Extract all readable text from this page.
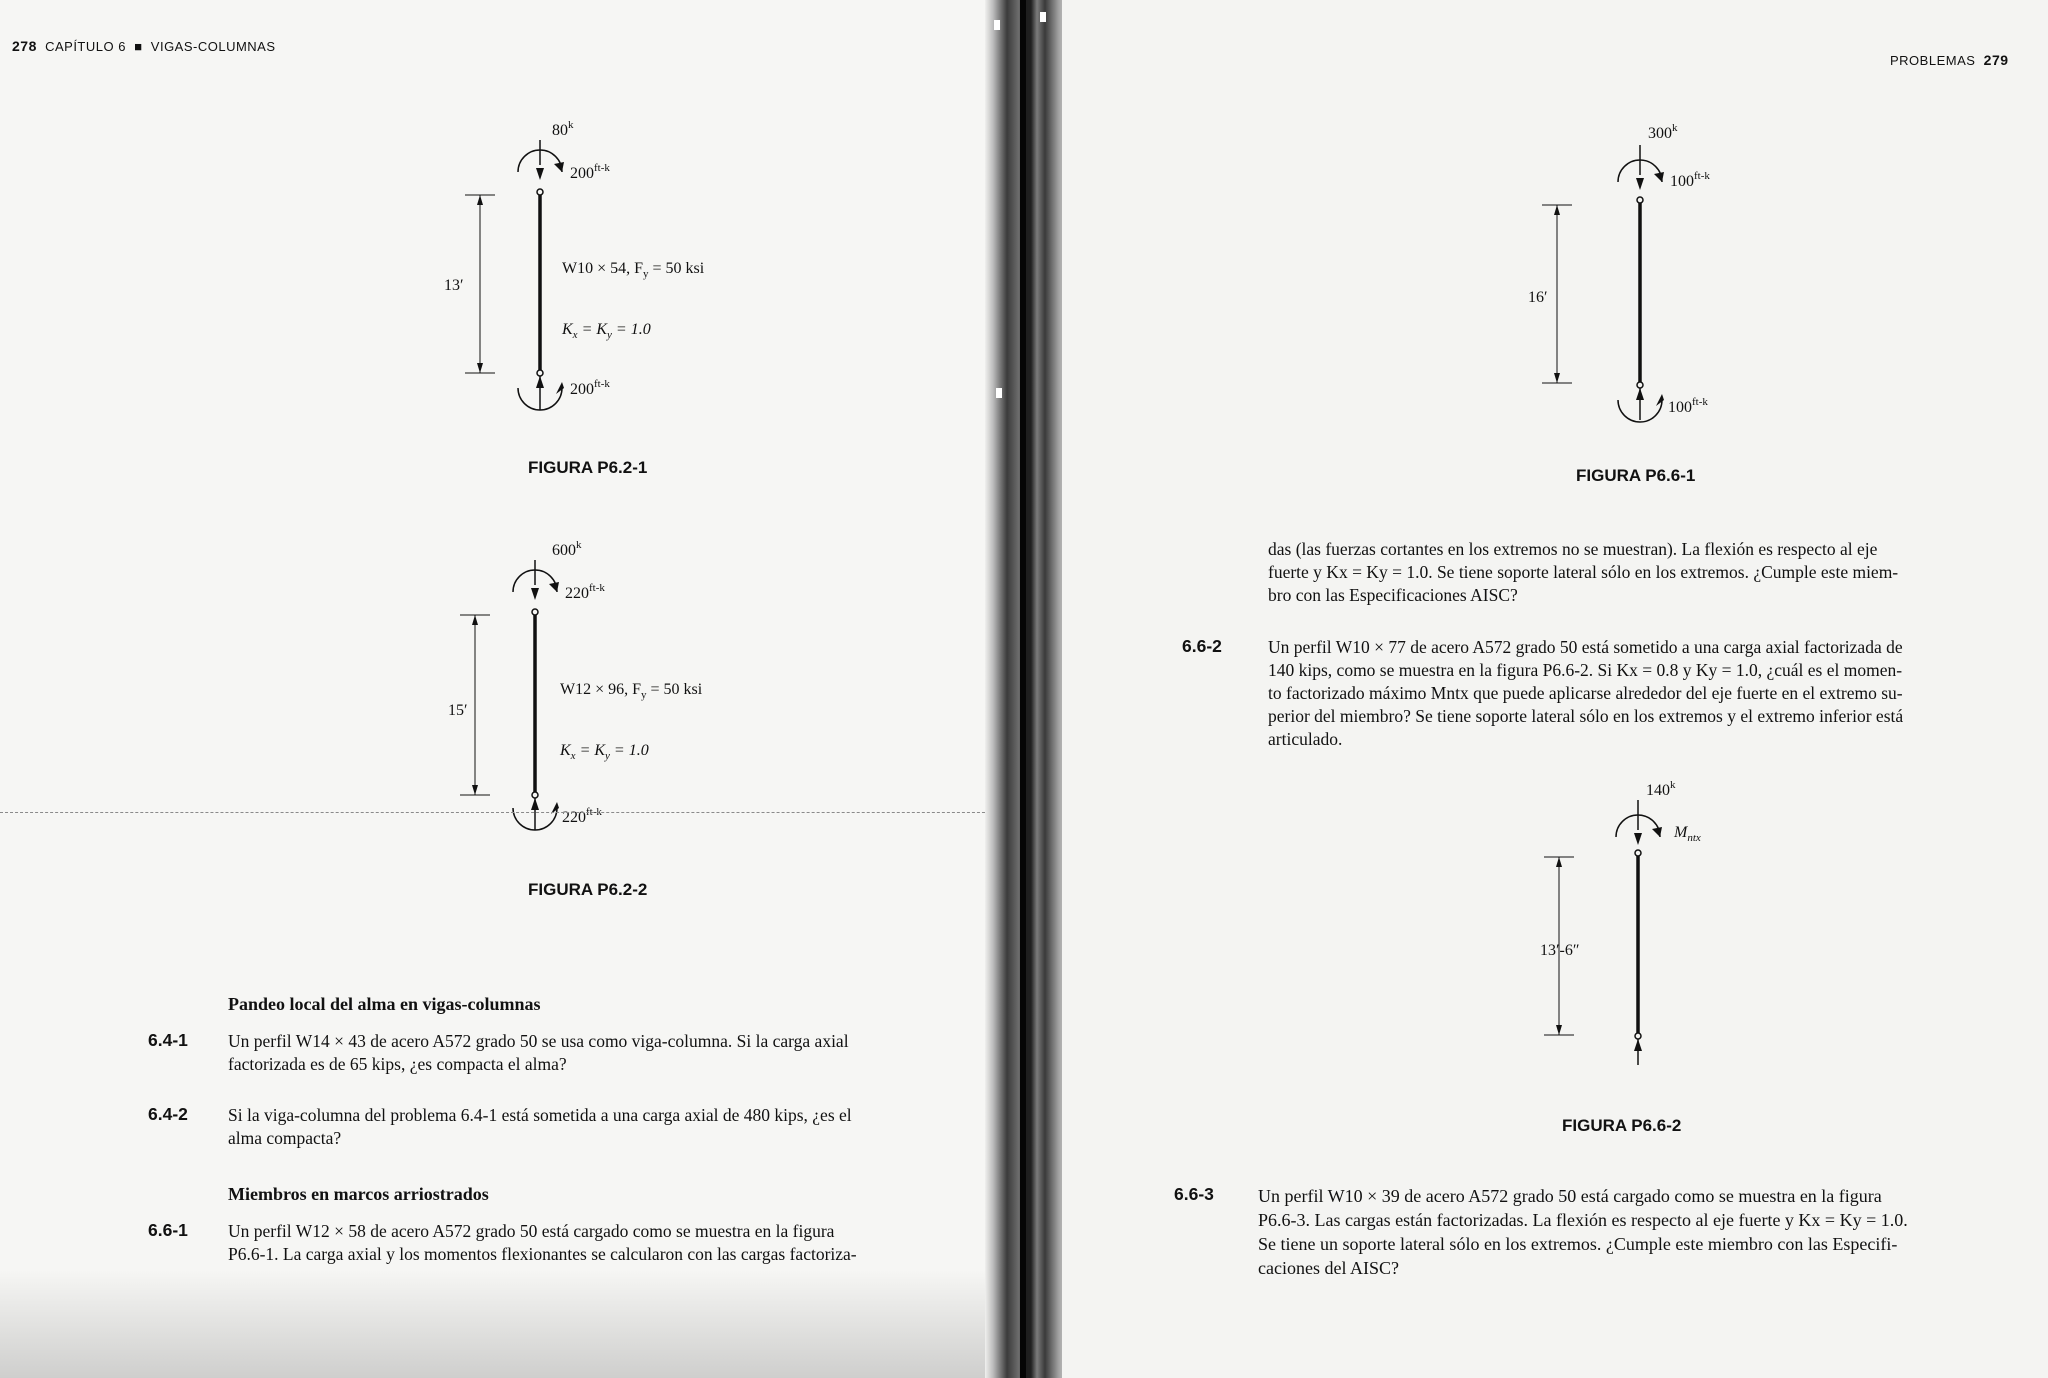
278 CAPÍTULO 6 ■ VIGAS-COLUMNAS
80$^k$
$200^{ft-k}$
$200^{ft-k}$
13′
W10 × 54, $F_y = 50$ ksi
$K_x = K_y = 1.0$
FIGURA P6.2-1
600$^k$
$220^{ft-k}$
$220^{ft-k}$
15′
W12 × 96, $F_y = 50$ ksi
$K_x = K_y = 1.0$
FIGURA P6.2-2
Pandeo local del alma en vigas-columnas
6.4-1 Un perfil W14 × 43 de acero A572 grado 50 se usa como viga-columna. Si la carga axial
factorizada es de 65 kips, ¿es compacta el alma?
6.4-2 Si la viga-columna del problema 6.4-1 está sometida a una carga axial de 480 kips, ¿es el
alma compacta?
Miembros en marcos arriostrados
6.6-1 Un perfil W12 × 58 de acero A572 grado 50 está cargado como se muestra en la figura
P6.6-1. La carga axial y los momentos flexionantes se calcularon con las cargas factoriza-
PROBLEMAS 279
300$^k$
$100^{ft-k}$
$100^{ft-k}$
16′
FIGURA P6.6-1
das (las fuerzas cortantes en los extremos no se muestran). La flexión es respecto al eje
fuerte y Kx = Ky = 1.0. Se tiene soporte lateral sólo en los extremos. ¿Cumple este miem-
bro con las Especificaciones AISC?
6.6-2	Un perfil W10 × 77 de acero A572 grado 50 está sometido a una carga axial factorizada de
140 kips, como se muestra en la figura P6.6-2. Si Kx = 0.8 y Ky = 1.0, ¿cuál es el momen-
to factorizado máximo Mntx que puede aplicarse alrededor del eje fuerte en el extremo su-
perior del miembro? Se tiene soporte lateral sólo en los extremos y el extremo inferior está
articulado.
140$^k$
$M_{ntx}$
13′-6″
FIGURA P6.6-2
6.6-3 Un perfil W10 × 39 de acero A572 grado 50 está cargado como se muestra en la figura
P6.6-3. Las cargas están factorizadas. La flexión es respecto al eje fuerte y Kx = Ky = 1.0.
Se tiene un soporte lateral sólo en los extremos. ¿Cumple este miembro con las Especifi-
caciones del AISC?
